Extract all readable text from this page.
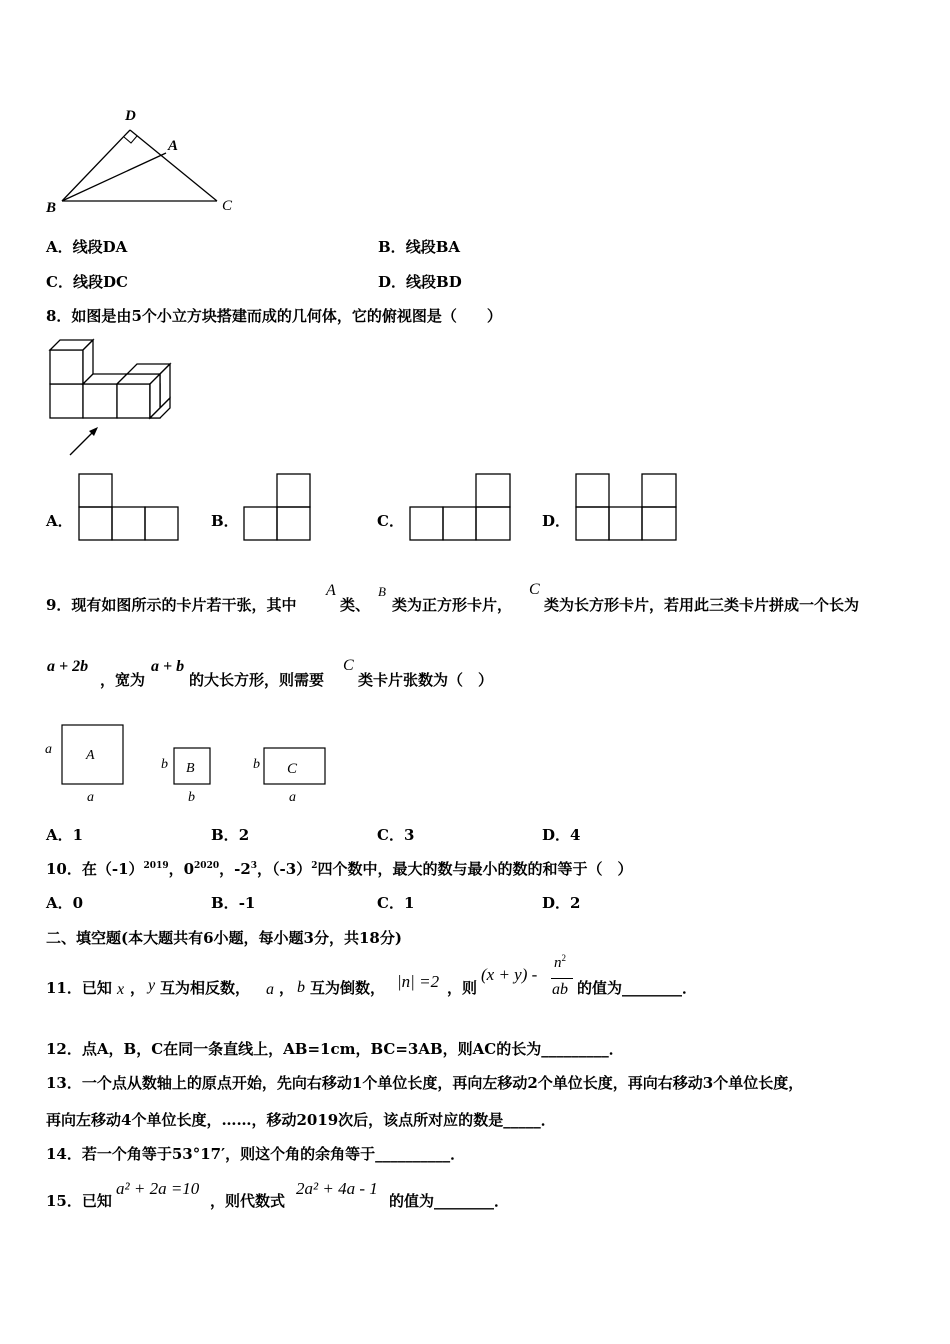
D
A
B	C
A．线段DA	B．线段BA
C．线段DC	D．线段BD
8．如图是由5个小立方块搭建而成的几何体，它的俯视图是（　　）
A．	B．	C．	D．
9．现有如图所示的卡片若干张，其中
A
类、
B
类为正方形卡片，
C
类为长方形卡片，若用此三类卡片拼成一个长为
a + 2b
，宽为
a + b
的大长方形，则需要
C
类卡片张数为（　）
a A
a
b B
b
b C
a
A．1	B．2	C．3	D．4
10．在$(-1)^{2019}$，$0^{2020}$，$-2^3$，$(-3)^2$四个数中，最大的数与最小的数的和等于（　）
A．0	B．-1	C．1	D．2
二、填空题(本大题共有6小题，每小题3分，共18分)
11．已知 x ， y 互为相反数， a ， b 互为倒数， |n| =2 ，则
(x + y) -
$n^2$
ab 的值为________．
12．点A，B，C在同一条直线上，AB=1cm，BC=3AB，则AC的长为_________．
13．一个点从数轴上的原点开始，先向右移动1个单位长度，再向左移动2个单位长度，再向右移动3个单位长度，
再向左移动4个单位长度，……，移动2019次后，该点所对应的数是_____．
14．若一个角等于53°17′，则这个角的余角等于__________．
15．已知
a² + 2a =10
，则代数式
2a² + 4a - 1
的值为________．
